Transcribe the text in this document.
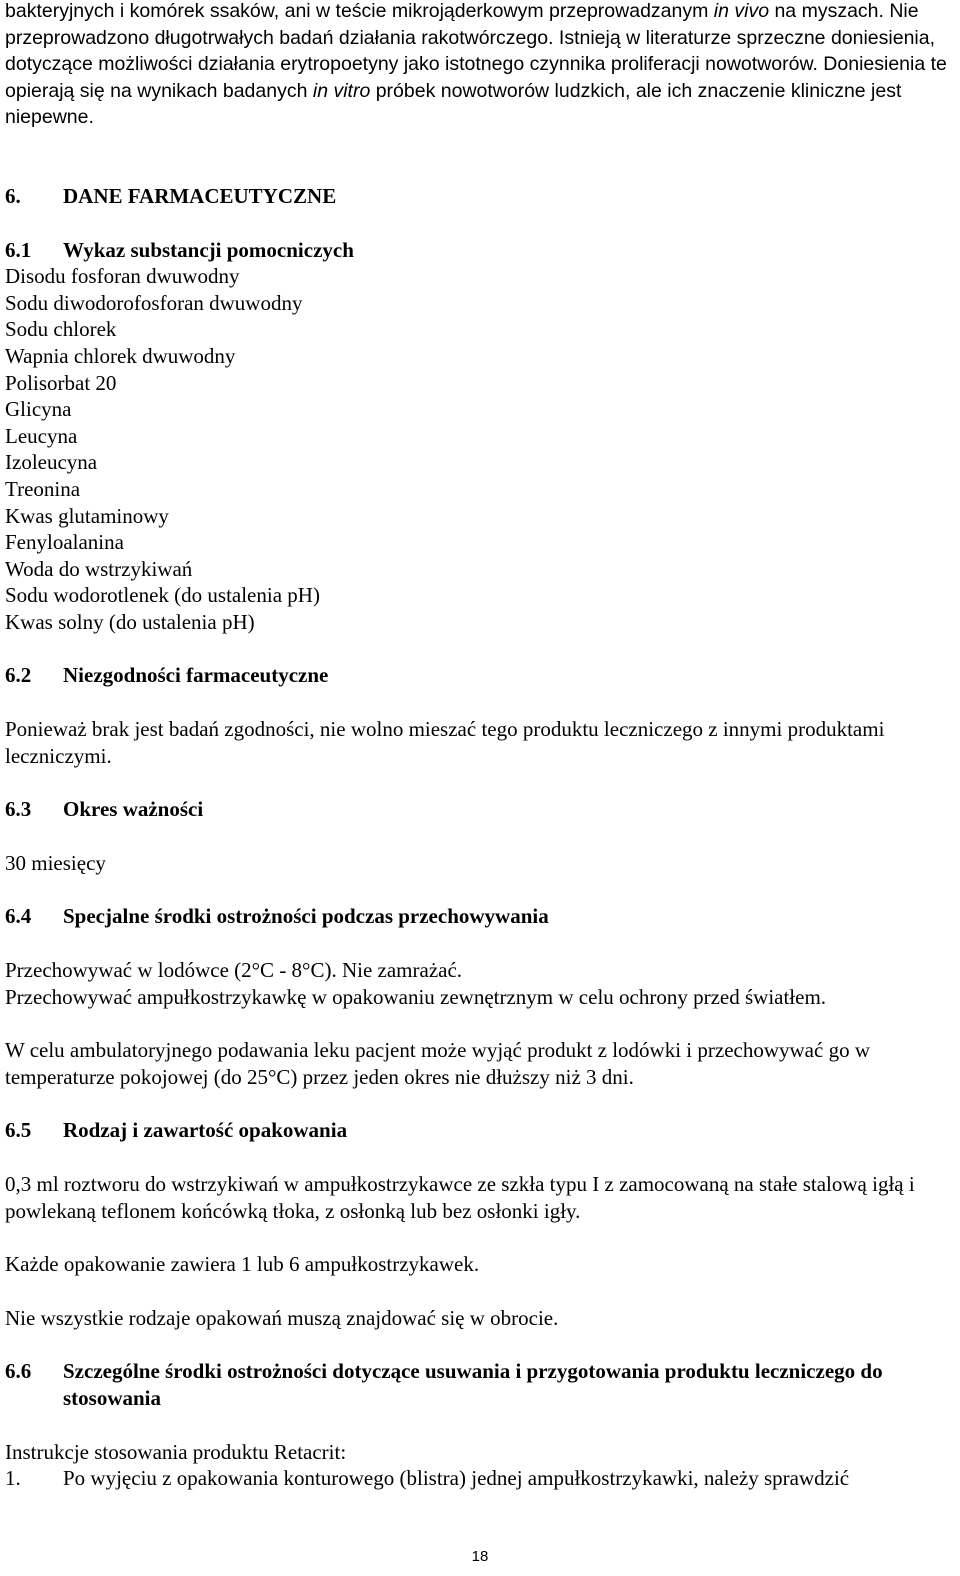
bakteryjnych i komórek ssaków, ani w teście mikrojąderkowym przeprowadzanym in vivo na myszach. Nie przeprowadzono długotrwałych badań działania rakotwórczego. Istnieją w literaturze sprzeczne doniesienia, dotyczące możliwości działania erytropoetyny jako istotnego czynnika proliferacji nowotworów. Doniesienia te opierają się na wynikach badanych in vitro próbek nowotworów ludzkich, ale ich znaczenie kliniczne jest niepewne.

6.	DANE FARMACEUTYCZNE
6.1	Wykaz substancji pomocniczych
Disodu fosforan dwuwodny
Sodu diwodorofosforan dwuwodny
Sodu chlorek
Wapnia chlorek dwuwodny
Polisorbat 20
Glicyna
Leucyna
Izoleucyna
Treonina
Kwas glutaminowy
Fenyloalanina
Woda do wstrzykiwań
Sodu wodorotlenek (do ustalenia pH)
Kwas solny (do ustalenia pH)
6.2	Niezgodności farmaceutyczne

Ponieważ brak jest badań zgodności, nie wolno mieszać tego produktu leczniczego z innymi produktami leczniczymi.

6.3	Okres ważności

30 miesięcy

6.4	Specjalne środki ostrożności podczas przechowywania

Przechowywać w lodówce (2°C - 8°C). Nie zamrażać.

Przechowywać ampułkostrzykawkę w opakowaniu zewnętrznym w celu ochrony przed światłem.

W celu ambulatoryjnego podawania leku pacjent może wyjąć produkt z lodówki i przechowywać go w temperaturze pokojowej (do 25°C) przez jeden okres nie dłuższy niż 3 dni.

6.5	Rodzaj i zawartość opakowania

0,3 ml roztworu do wstrzykiwań w ampułkostrzykawce ze szkła typu I z zamocowaną na stałe stalową igłą i powlekaną teflonem końcówką tłoka, z osłonką lub bez osłonki igły.

Każde opakowanie zawiera 1 lub 6 ampułkostrzykawek.

Nie wszystkie rodzaje opakowań muszą znajdować się w obrocie.

6.6	Szczególne środki ostrożności dotyczące usuwania i przygotowania produktu leczniczego do stosowania

Instrukcje stosowania produktu Retacrit:

1.	Po wyjęciu z opakowania konturowego (blistra) jednej ampułkostrzykawki, należy sprawdzić
18
